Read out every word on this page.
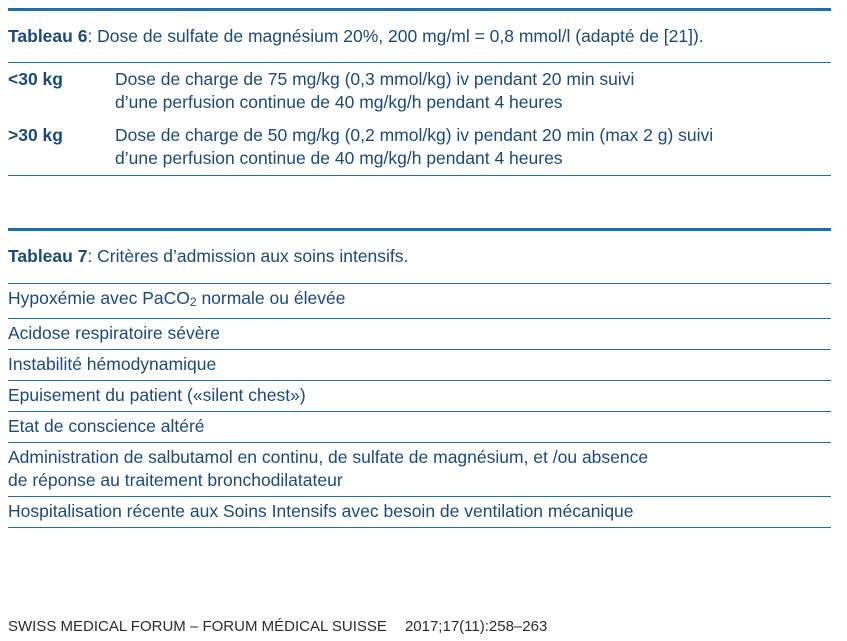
Tableau 6: Dose de sulfate de magnésium 20%, 200 mg/ml = 0,8 mmol/l (adapté de [21]).
<30 kg	Dose de charge de 75 mg/kg (0,3 mmol/kg) iv pendant 20 min suivi
d’une perfusion continue de 40 mg/kg/h pendant 4 heures
>30 kg	Dose de charge de 50 mg/kg (0,2 mmol/kg) iv pendant 20 min (max 2 g) suivi
d’une perfusion continue de 40 mg/kg/h pendant 4 heures
Tableau 7: Critères d’admission aux soins intensifs.
Hypoxémie avec PaCO$_2$ normale ou élevée
Acidose respiratoire sévère
Instabilité hémodynamique
Epuisement du patient («silent chest»)
Etat de conscience altéré
Administration de salbutamol en continu, de sulfate de magnésium, et /ou absence
de réponse au traitement bronchodilatateur
Hospitalisation récente aux Soins Intensifs avec besoin de ventilation mécanique
SWISS MEDICAL FORUM – FORUM MÉDICAL SUISSE 2017;17(11):258–263
